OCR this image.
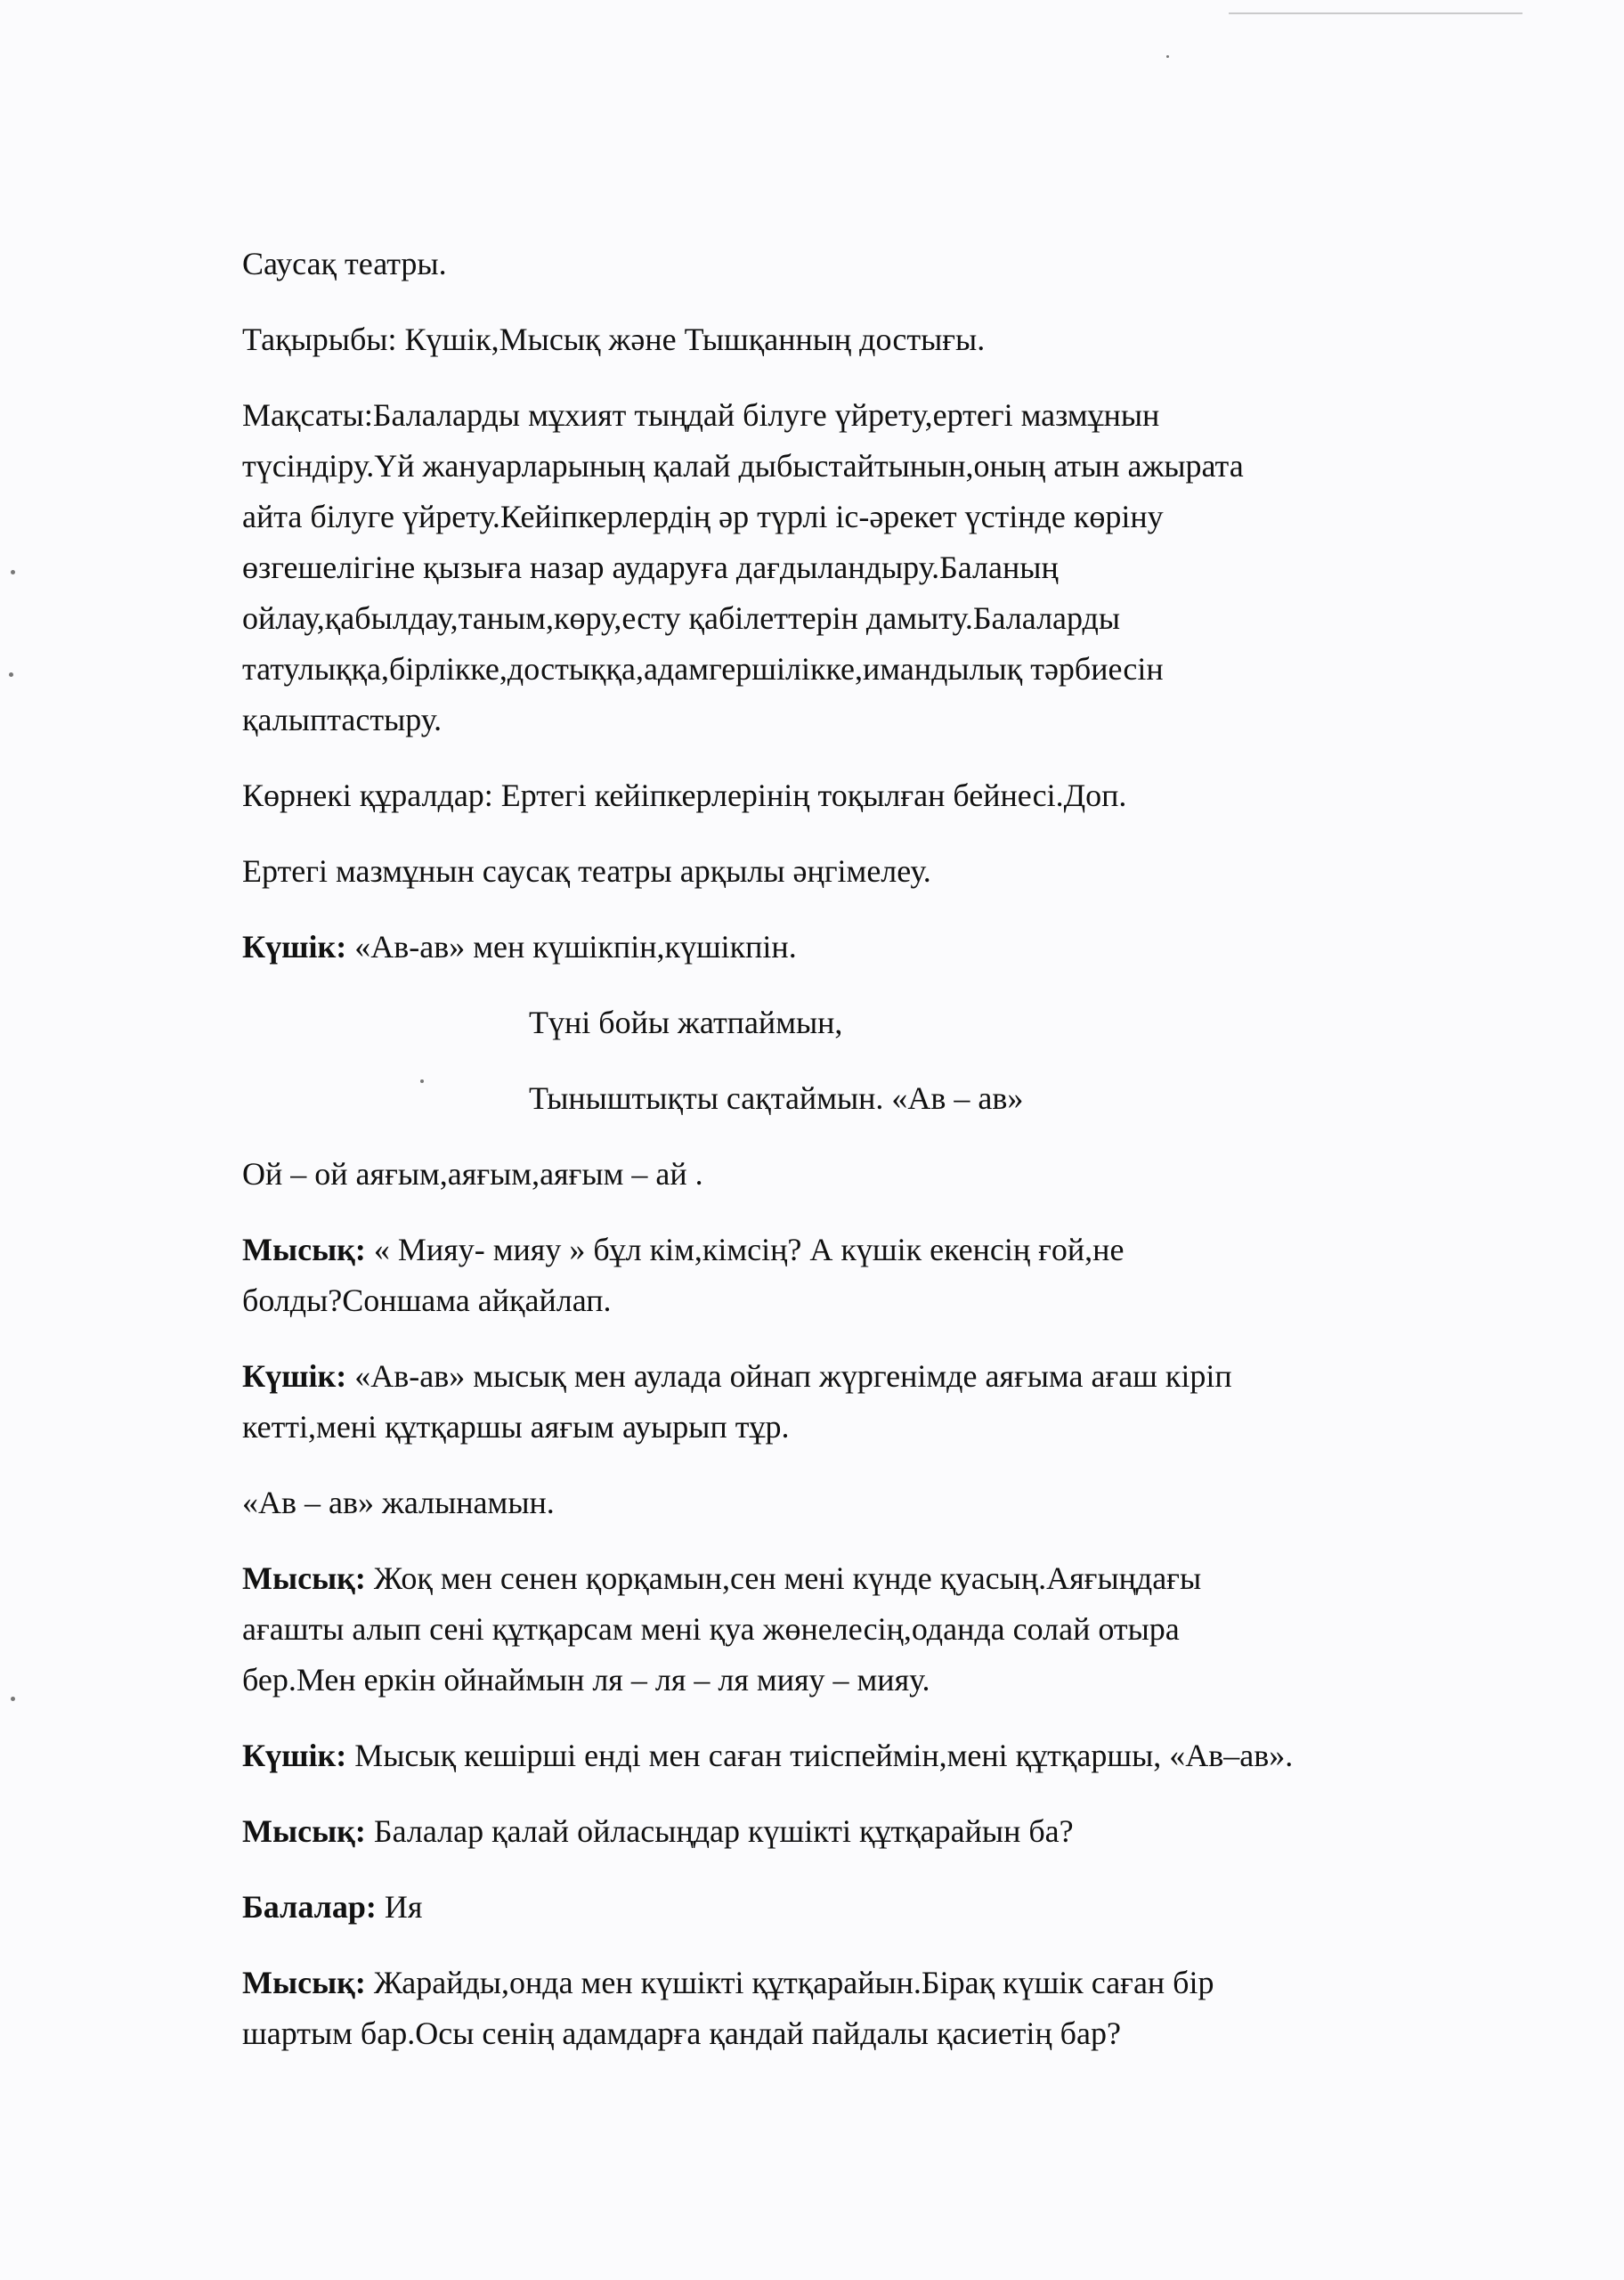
Саусақ театры.

Тақырыбы: Күшік,Мысық және Тышқанның достығы.

Мақсаты:Балаларды мұхият тыңдай білуге үйрету,ертегі мазмұнын
түсіндіру.Үй жануарларының қалай дыбыстайтынын,оның атын ажырата
айта білуге үйрету.Кейіпкерлердің әр түрлі іс-әрекет үстінде көріну
өзгешелігіне қызыға назар аударуға дағдыландыру.Баланың
ойлау,қабылдау,таным,көру,есту қабілеттерін дамыту.Балаларды
татулыққа,бірлікке,достыққа,адамгершілікке,имандылық тәрбиесін
қалыптастыру.

Көрнекі құралдар: Ертегі кейіпкерлерінің тоқылған бейнесі.Доп.

Ертегі мазмұнын саусақ театры арқылы әңгімелеу.

Күшік: «Ав-ав» мен күшікпін,күшікпін.
Түні бойы жатпаймын,
Тыныштықты сақтаймын. «Ав – ав»
Ой – ой аяғым,аяғым,аяғым – ай .
Мысық: « Мияу- мияу » бұл кім,кімсің? А күшік екенсің ғой,не
болды?Соншама айқайлап.
Күшік: «Ав-ав» мысық мен аулада ойнап жүргенімде аяғыма ағаш кіріп
кетті,мені құтқаршы аяғым ауырып тұр.
«Ав – ав» жалынамын.
Мысық: Жоқ мен сенен қорқамын,сен мені күнде қуасың.Аяғыңдағы
ағашты алып сені құтқарсам мені қуа жөнелесің,оданда солай отыра
бер.Мен еркін ойнаймын ля – ля – ля мияу – мияу.
Күшік: Мысық кешірші енді мен саған тиіспеймін,мені құтқаршы, «Ав–ав».
Мысық: Балалар қалай ойласыңдар күшікті құтқарайын ба?
Балалар: Ия
Мысық: Жарайды,онда мен күшікті құтқарайын.Бірақ күшік саған бір
шартым бар.Осы сенің адамдарға қандай пайдалы қасиетің бар?
